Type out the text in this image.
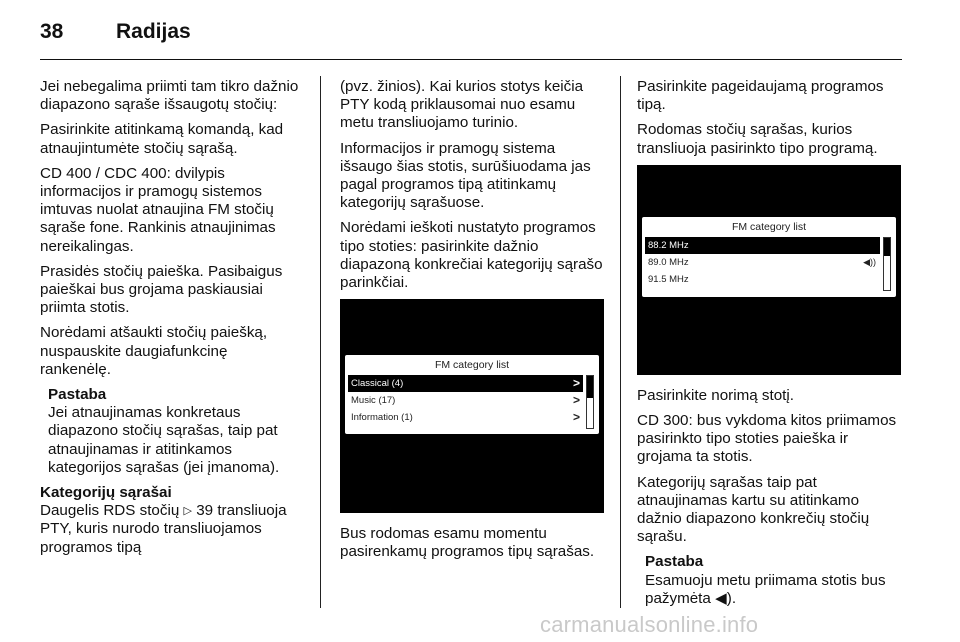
38	Radijas

Jei nebegalima priimti tam tikro dažnio diapazono sąraše išsaugotų stočių:

Pasirinkite atitinkamą komandą, kad atnaujintumėte stočių sąrašą.

CD 400 / CDC 400: dvilypis informacijos ir pramogų sistemos imtuvas nuolat atnaujina FM stočių sąraše fone. Rankinis atnaujinimas nereikalingas.

Prasidės stočių paieška. Pasibaigus paieškai bus grojama paskiausiai priimta stotis.

Norėdami atšaukti stočių paiešką, nuspauskite daugiafunkcinę rankenėlę.

Pastaba
Jei atnaujinamas konkretaus diapazono stočių sąrašas, taip pat atnaujinamas ir atitinkamos kategorijos sąrašas (jei įmanoma).
Kategorijų sąrašai

Daugelis RDS stočių ▷ 39 transliuoja PTY, kuris nurodo transliuojamos programos tipą

(pvz. žinios). Kai kurios stotys keičia PTY kodą priklausomai nuo esamu metu transliuojamo turinio.

Informacijos ir pramogų sistema išsaugo šias stotis, surūšiuodama jas pagal programos tipą atitinkamų kategorijų sąrašuose.

Norėdami ieškoti nustatyto programos tipo stoties: pasirinkite dažnio diapazoną konkrečiai kategorijų sąrašo parinkčiai.

FM category list
Classical (4)	>
Music (17)	>
Information (1)	>

Bus rodomas esamu momentu pasirenkamų programos tipų sąrašas.

Pasirinkite pageidaujamą programos tipą.

Rodomas stočių sąrašas, kurios transliuoja pasirinkto tipo programą.

FM category list
88.2 MHz
89.0 MHz	◀))
91.5 MHz

Pasirinkite norimą stotį.

CD 300: bus vykdoma kitos priimamos pasirinkto tipo stoties paieška ir grojama ta stotis.

Kategorijų sąrašas taip pat atnaujinamas kartu su atitinkamo dažnio diapazono konkrečių stočių sąrašu.

Pastaba
Esamuoju metu priimama stotis bus pažymėta ◀).
carmanualsonline.info
